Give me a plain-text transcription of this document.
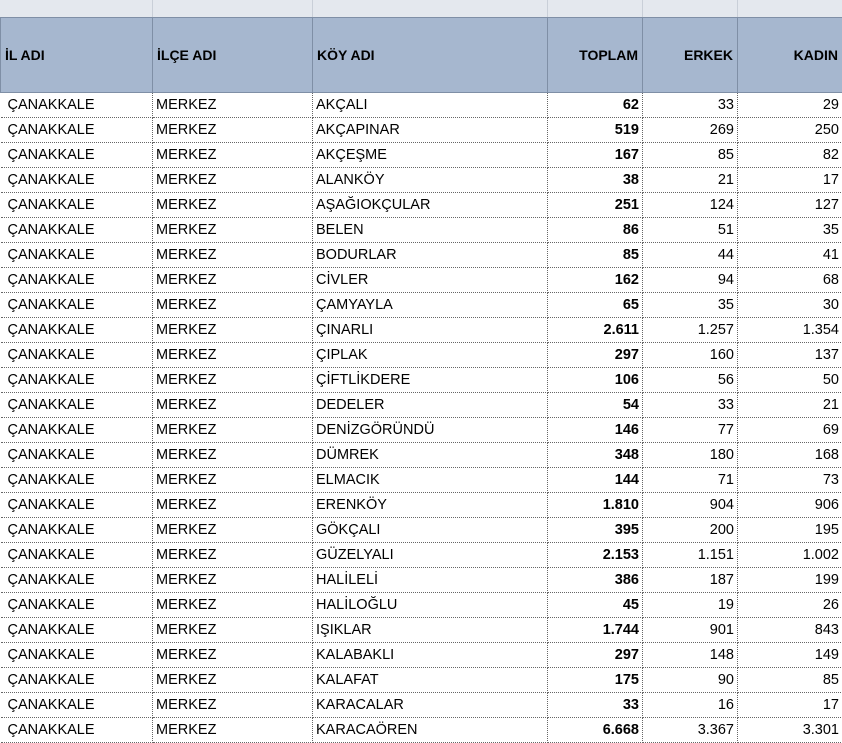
İL ADI	İLÇE ADI	KÖY ADI	TOPLAM	ERKEK	KADIN
ÇANAKKALE	MERKEZ	AKÇALI	62	33	29
ÇANAKKALE	MERKEZ	AKÇAPINAR	519	269	250
ÇANAKKALE	MERKEZ	AKÇEŞME	167	85	82
ÇANAKKALE	MERKEZ	ALANKÖY	38	21	17
ÇANAKKALE	MERKEZ	AŞAĞIOKÇULAR	251	124	127
ÇANAKKALE	MERKEZ	BELEN	86	51	35
ÇANAKKALE	MERKEZ	BODURLAR	85	44	41
ÇANAKKALE	MERKEZ	CİVLER	162	94	68
ÇANAKKALE	MERKEZ	ÇAMYAYLA	65	35	30
ÇANAKKALE	MERKEZ	ÇINARLI	2.611	1.257	1.354
ÇANAKKALE	MERKEZ	ÇIPLAK	297	160	137
ÇANAKKALE	MERKEZ	ÇİFTLİKDERE	106	56	50
ÇANAKKALE	MERKEZ	DEDELER	54	33	21
ÇANAKKALE	MERKEZ	DENİZGÖRÜNDÜ	146	77	69
ÇANAKKALE	MERKEZ	DÜMREK	348	180	168
ÇANAKKALE	MERKEZ	ELMACIK	144	71	73
ÇANAKKALE	MERKEZ	ERENKÖY	1.810	904	906
ÇANAKKALE	MERKEZ	GÖKÇALI	395	200	195
ÇANAKKALE	MERKEZ	GÜZELYALI	2.153	1.151	1.002
ÇANAKKALE	MERKEZ	HALİLELİ	386	187	199
ÇANAKKALE	MERKEZ	HALİLOĞLU	45	19	26
ÇANAKKALE	MERKEZ	IŞIKLAR	1.744	901	843
ÇANAKKALE	MERKEZ	KALABAKLI	297	148	149
ÇANAKKALE	MERKEZ	KALAFAT	175	90	85
ÇANAKKALE	MERKEZ	KARACALAR	33	16	17
ÇANAKKALE	MERKEZ	KARACAÖREN	6.668	3.367	3.301
